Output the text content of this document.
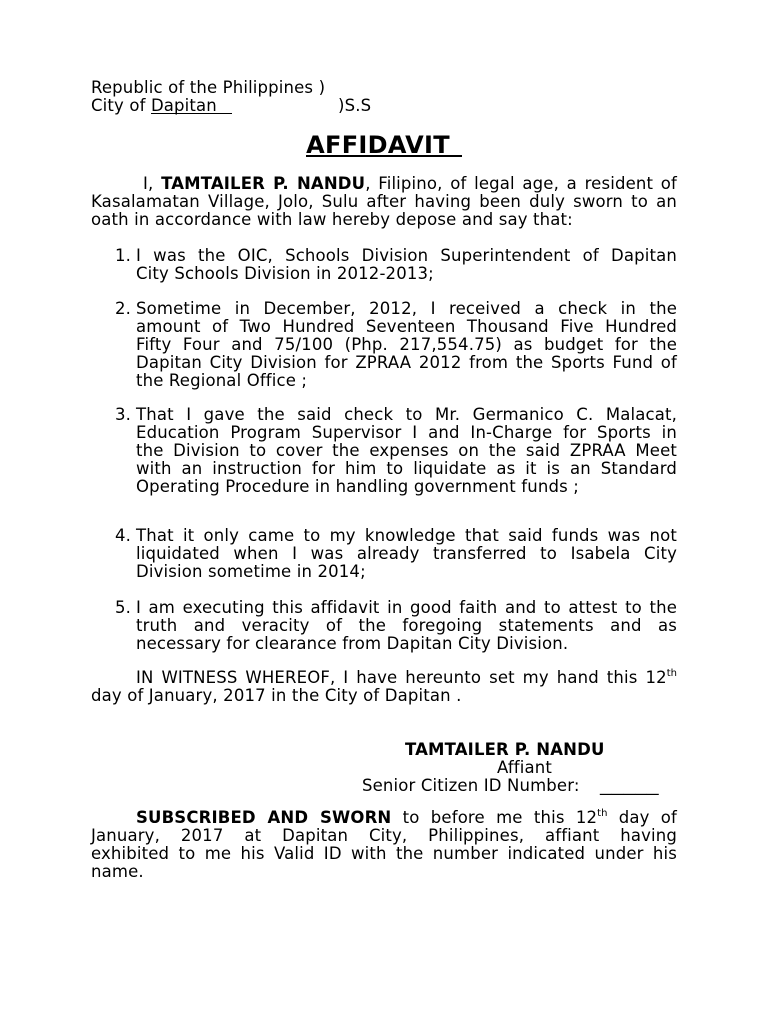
Republic of the Philippines )
City of Dapitan	)S.S
AFFIDAVIT
I, TAMTAILER P. NANDU, Filipino, of legal age, a resident of
Kasalamatan Village, Jolo, Sulu after having been duly sworn to an
oath in accordance with law hereby depose and say that:
1. I was the OIC, Schools Division Superintendent of Dapitan
City Schools Division in 2012-2013;
2. Sometime in December, 2012, I received a check in the
amount of Two Hundred Seventeen Thousand Five Hundred
Fifty Four and 75/100 (Php. 217,554.75) as budget for the
Dapitan City Division for ZPRAA 2012 from the Sports Fund of
the Regional Office ;
3. That I gave the said check to Mr. Germanico C. Malacat,
Education Program Supervisor I and In-Charge for Sports in
the Division to cover the expenses on the said ZPRAA Meet
with an instruction for him to liquidate as it is an Standard
Operating Procedure in handling government funds ;
4. That it only came to my knowledge that said funds was not
liquidated when I was already transferred to Isabela City
Division sometime in 2014;
5. I am executing this affidavit in good faith and to attest to the
truth and veracity of the foregoing statements and as
necessary for clearance from Dapitan City Division.
IN WITNESS WHEREOF, I have hereunto set my hand this 12th
day of January, 2017 in the City of Dapitan .
TAMTAILER P. NANDU
Affiant
Senior Citizen ID Number: _____
SUBSCRIBED AND SWORN to before me this 12th day of
January, 2017 at Dapitan City, Philippines, affiant having
exhibited to me his Valid ID with the number indicated under his
name.
